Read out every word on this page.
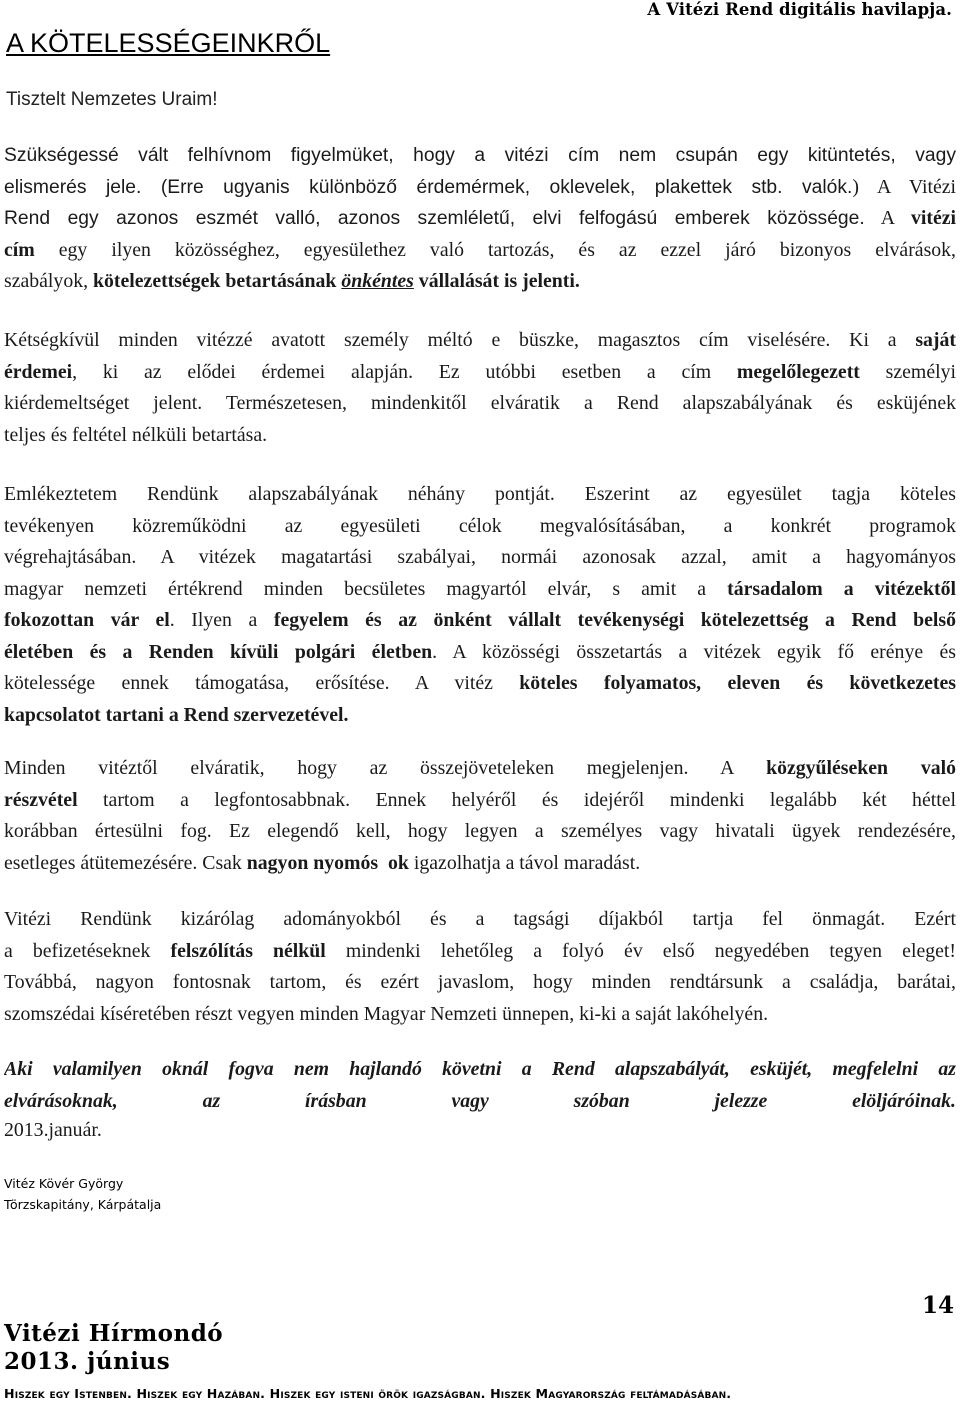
A Vitézi Rend digitális havilapja.
A KÖTELESSÉGEINKRŐL
Tisztelt Nemzetes Uraim!
Szükségessé vált felhívnom figyelmüket, hogy a vitézi cím nem csupán egy kitüntetés, vagy
elismerés jele. (Erre ugyanis különböző érdemérmek, oklevelek, plakettek stb. valók.) A Vitézi
Rend egy azonos eszmét valló, azonos szemléletű, elvi felfogású emberek közössége. A vitézi
cím egy ilyen közösséghez, egyesülethez való tartozás, és az ezzel járó bizonyos elvárások,
szabályok, kötelezettségek betartásának önkéntes vállalását is jelenti.
Kétségkívül minden vitézzé avatott személy méltó e büszke, magasztos cím viselésére. Ki a saját
érdemei, ki az elődei érdemei alapján. Ez utóbbi esetben a cím megelőlegezett személyi
kiérdemeltséget jelent. Természetesen, mindenkitől elváratik a Rend alapszabályának és esküjének
teljes és feltétel nélküli betartása.
Emlékeztetem Rendünk alapszabályának néhány pontját. Eszerint az egyesület tagja köteles
tevékenyen közreműködni az egyesületi célok megvalósításában, a konkrét programok
végrehajtásában. A vitézek magatartási szabályai, normái azonosak azzal, amit a hagyományos
magyar nemzeti értékrend minden becsületes magyartól elvár, s amit a társadalom a vitézektől
fokozottan vár el. Ilyen a fegyelem és az önként vállalt tevékenységi kötelezettség a Rend belső
életében és a Renden kívüli polgári életben. A közösségi összetartás a vitézek egyik fő erénye és
kötelessége ennek támogatása, erősítése. A vitéz köteles folyamatos, eleven és következetes
kapcsolatot tartani a Rend szervezetével.
Minden vitéztől elváratik, hogy az összejöveteleken megjelenjen. A közgyűléseken való
részvétel tartom a legfontosabbnak. Ennek helyéről és idejéről mindenki legalább két héttel
korábban értesülni fog. Ez elegendő kell, hogy legyen a személyes vagy hivatali ügyek rendezésére,
esetleges átütemezésére. Csak nagyon nyomós  ok igazolhatja a távol maradást.
Vitézi Rendünk kizárólag adományokból és a tagsági díjakból tartja fel önmagát. Ezért
a befizetéseknek felszólítás nélkül mindenki lehetőleg a folyó év első negyedében tegyen eleget!
Továbbá, nagyon fontosnak tartom, és ezért javaslom, hogy minden rendtársunk a családja, barátai,
szomszédai kíséretében részt vegyen minden Magyar Nemzeti ünnepen, ki-ki a saját lakóhelyén.
Aki valamilyen oknál fogva nem hajlandó követni a Rend alapszabályát, esküjét, megfelelni az
elvárásoknak, az írásban vagy szóban jelezze elöljáróinak.
2013.január.
Vitéz Kövér György
Törzskapitány, Kárpátalja
14
Vitézi Hírmondó
2013. június
Hiszek egy Istenben. Hiszek egy Hazában. Hiszek egy isteni örök igazságban. Hiszek Magyarország feltámadásában.
